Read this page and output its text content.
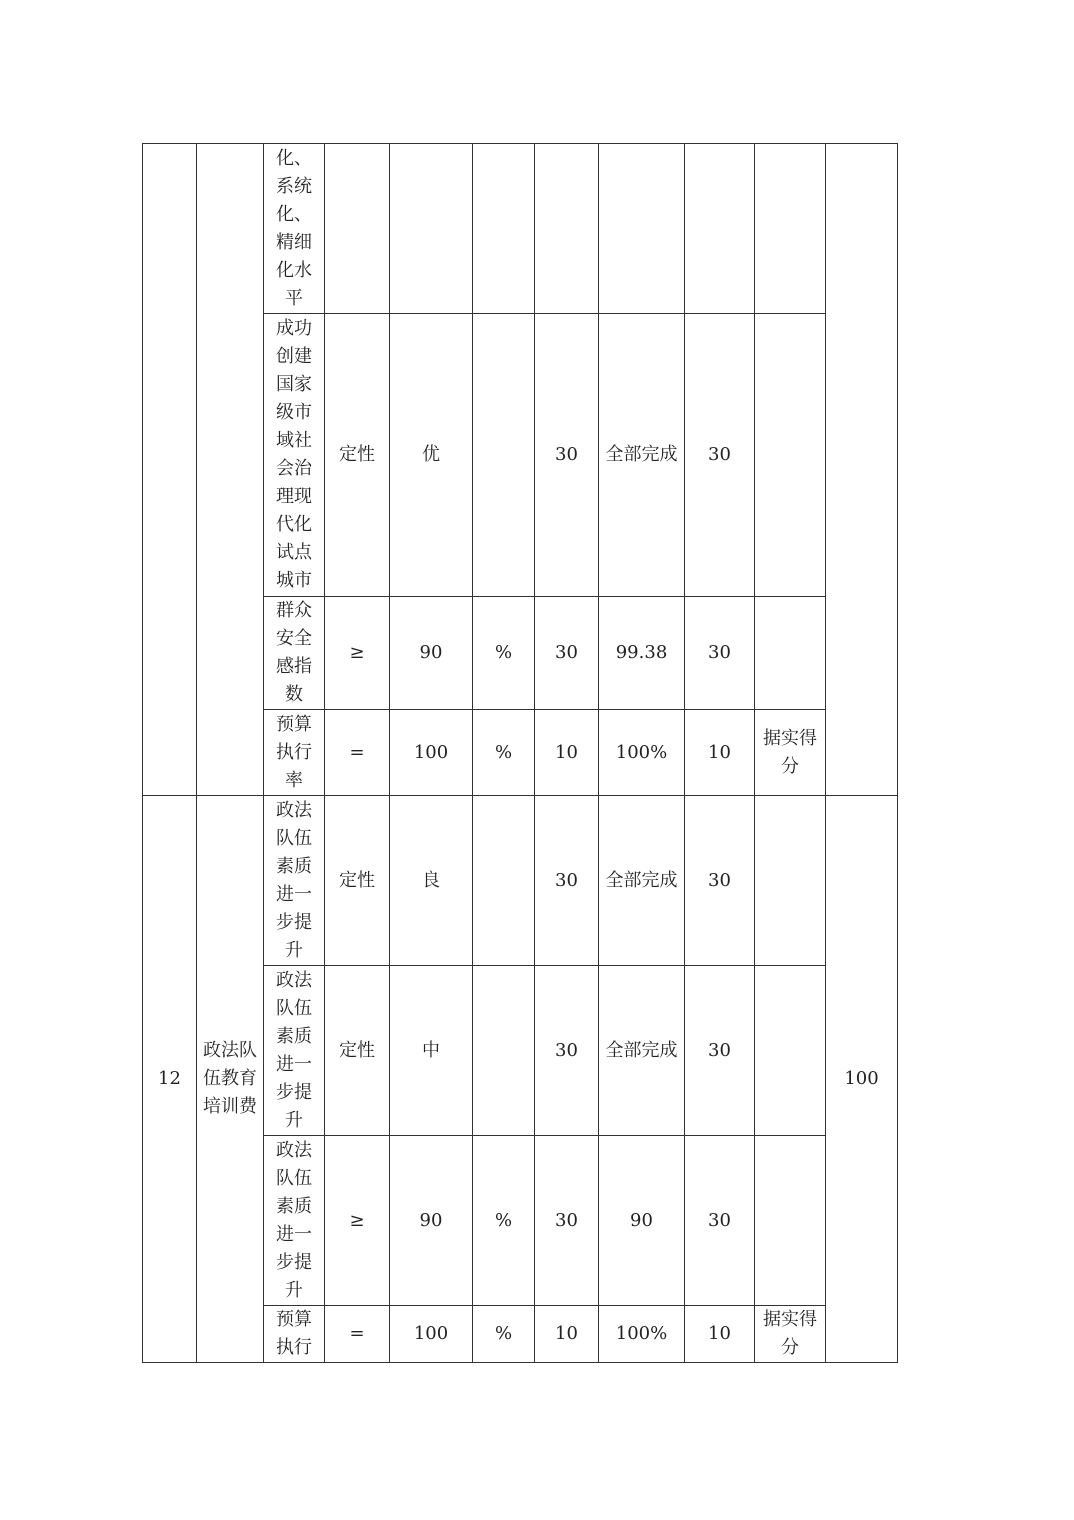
		化、系统化、精细化水平								
		成功创建国家级市域社会治理现代化试点城市	定性	优		30	全部完成	30		
		群众安全感指数	≥	90	%	30	99.38	30		
		预算执行率	=	100	%	10	100%	10	据实得分	
12	政法队伍教育培训费	政法队伍素质进一步提升	定性	良		30	全部完成	30		100
		政法队伍素质进一步提升	定性	中		30	全部完成	30		
		政法队伍素质进一步提升	≥	90	%	30	90	30		
		预算执行	=	100	%	10	100%	10	据实得分	
